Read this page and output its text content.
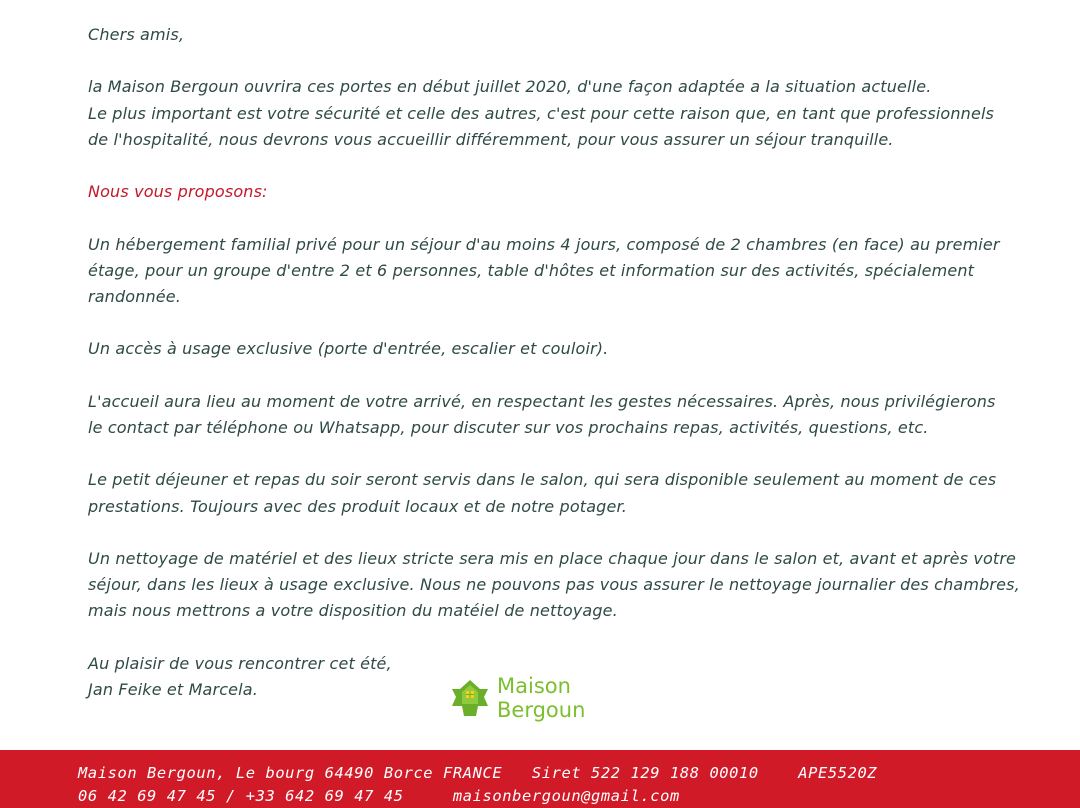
Chers amis,

la Maison Bergoun ouvrira ces portes en début juillet 2020, d'une façon adaptée a la situation actuelle.
Le plus important est votre sécurité et celle des autres, c'est pour cette raison que, en tant que professionnels
de l'hospitalité, nous devrons vous accueillir différemment, pour vous assurer un séjour tranquille.

Nous vous proposons:

Un hébergement familial privé pour un séjour d'au moins 4 jours, composé de 2 chambres (en face) au premier étage, pour un groupe d'entre 2 et 6 personnes, table d'hôtes et information sur des activités, spécialement randonnée.

Un accès à usage exclusive (porte d'entrée, escalier et couloir).

L'accueil aura lieu au moment de votre arrivé, en respectant les gestes nécessaires. Après, nous privilégierons
le contact par téléphone ou Whatsapp, pour discuter sur vos prochains repas, activités, questions, etc.

Le petit déjeuner et repas du soir seront servis dans le salon, qui sera disponible seulement au moment de ces prestations. Toujours avec des produit locaux et de notre potager.

Un nettoyage de matériel et des lieux stricte sera mis en place chaque jour dans le salon et, avant et après votre séjour, dans les lieux à usage exclusive. Nous ne pouvons pas vous assurer le nettoyage journalier des chambres, mais nous mettrons a votre disposition du matéiel de nettoyage.

Au plaisir de vous rencontrer cet été,
Jan Feike et Marcela.	Maison
Bergoun
Maison Bergoun, Le bourg 64490 Borce FRANCE Siret 522 129 188 00010	APE5520Z
06 42 69 47 45 / +33 642 69 47 45	maisonbergoun@gmail.com
